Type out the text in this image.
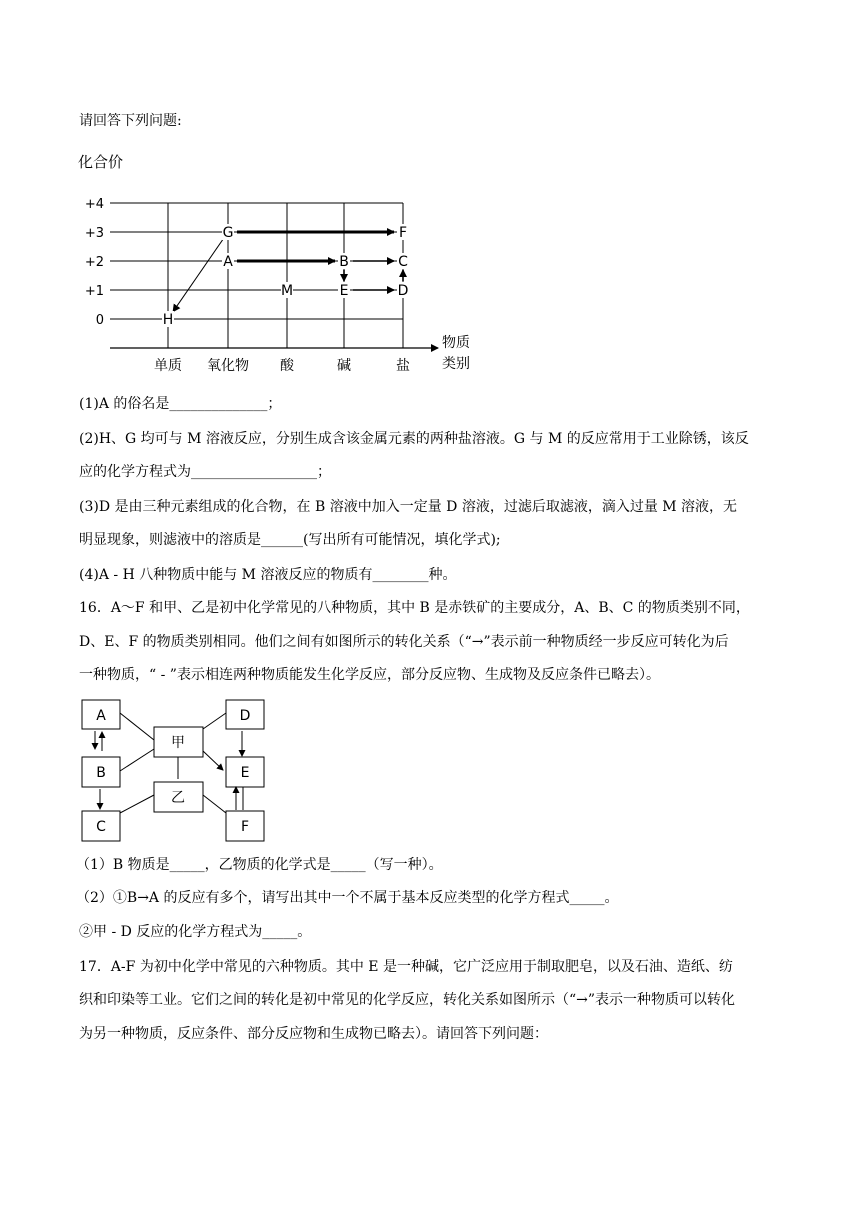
请回答下列问题:
化合价
+4
+3
+2
+1
0
单质 氧化物 酸	碱	盐
物质
类别
H
G
A
M
B
E
F
C
D
(1)A 的俗名是______________；
(2)H、G 均可与 M 溶液反应，分别生成含该金属元素的两种盐溶液。G 与 M 的反应常用于工业除锈，该反
应的化学方程式为__________________；
(3)D 是由三种元素组成的化合物，在 B 溶液中加入一定量 D 溶液，过滤后取滤液，滴入过量 M 溶液，无
明显现象，则滤液中的溶质是______(写出所有可能情况，填化学式);
(4)A - H 八种物质中能与 M 溶液反应的物质有________种。
16．A～F 和甲、乙是初中化学常见的八种物质，其中 B 是赤铁矿的主要成分，A、B、C 的物质类别不同，
D、E、F 的物质类别相同。他们之间有如图所示的转化关系（“→”表示前一种物质经一步反应可转化为后
一种物质，“ - ”表示相连两种物质能发生化学反应，部分反应物、生成物及反应条件已略去）。
A
B
C
甲
乙
D
E
F
（1）B 物质是_____，乙物质的化学式是_____（写一种）。
（2）①B→A 的反应有多个，请写出其中一个不属于基本反应类型的化学方程式_____。
②甲 - D 反应的化学方程式为_____。
17．A-F 为初中化学中常见的六种物质。其中 E 是一种碱，它广泛应用于制取肥皂，以及石油、造纸、纺
织和印染等工业。它们之间的转化是初中常见的化学反应，转化关系如图所示（“→”表示一种物质可以转化
为另一种物质，反应条件、部分反应物和生成物已略去）。请回答下列问题：
